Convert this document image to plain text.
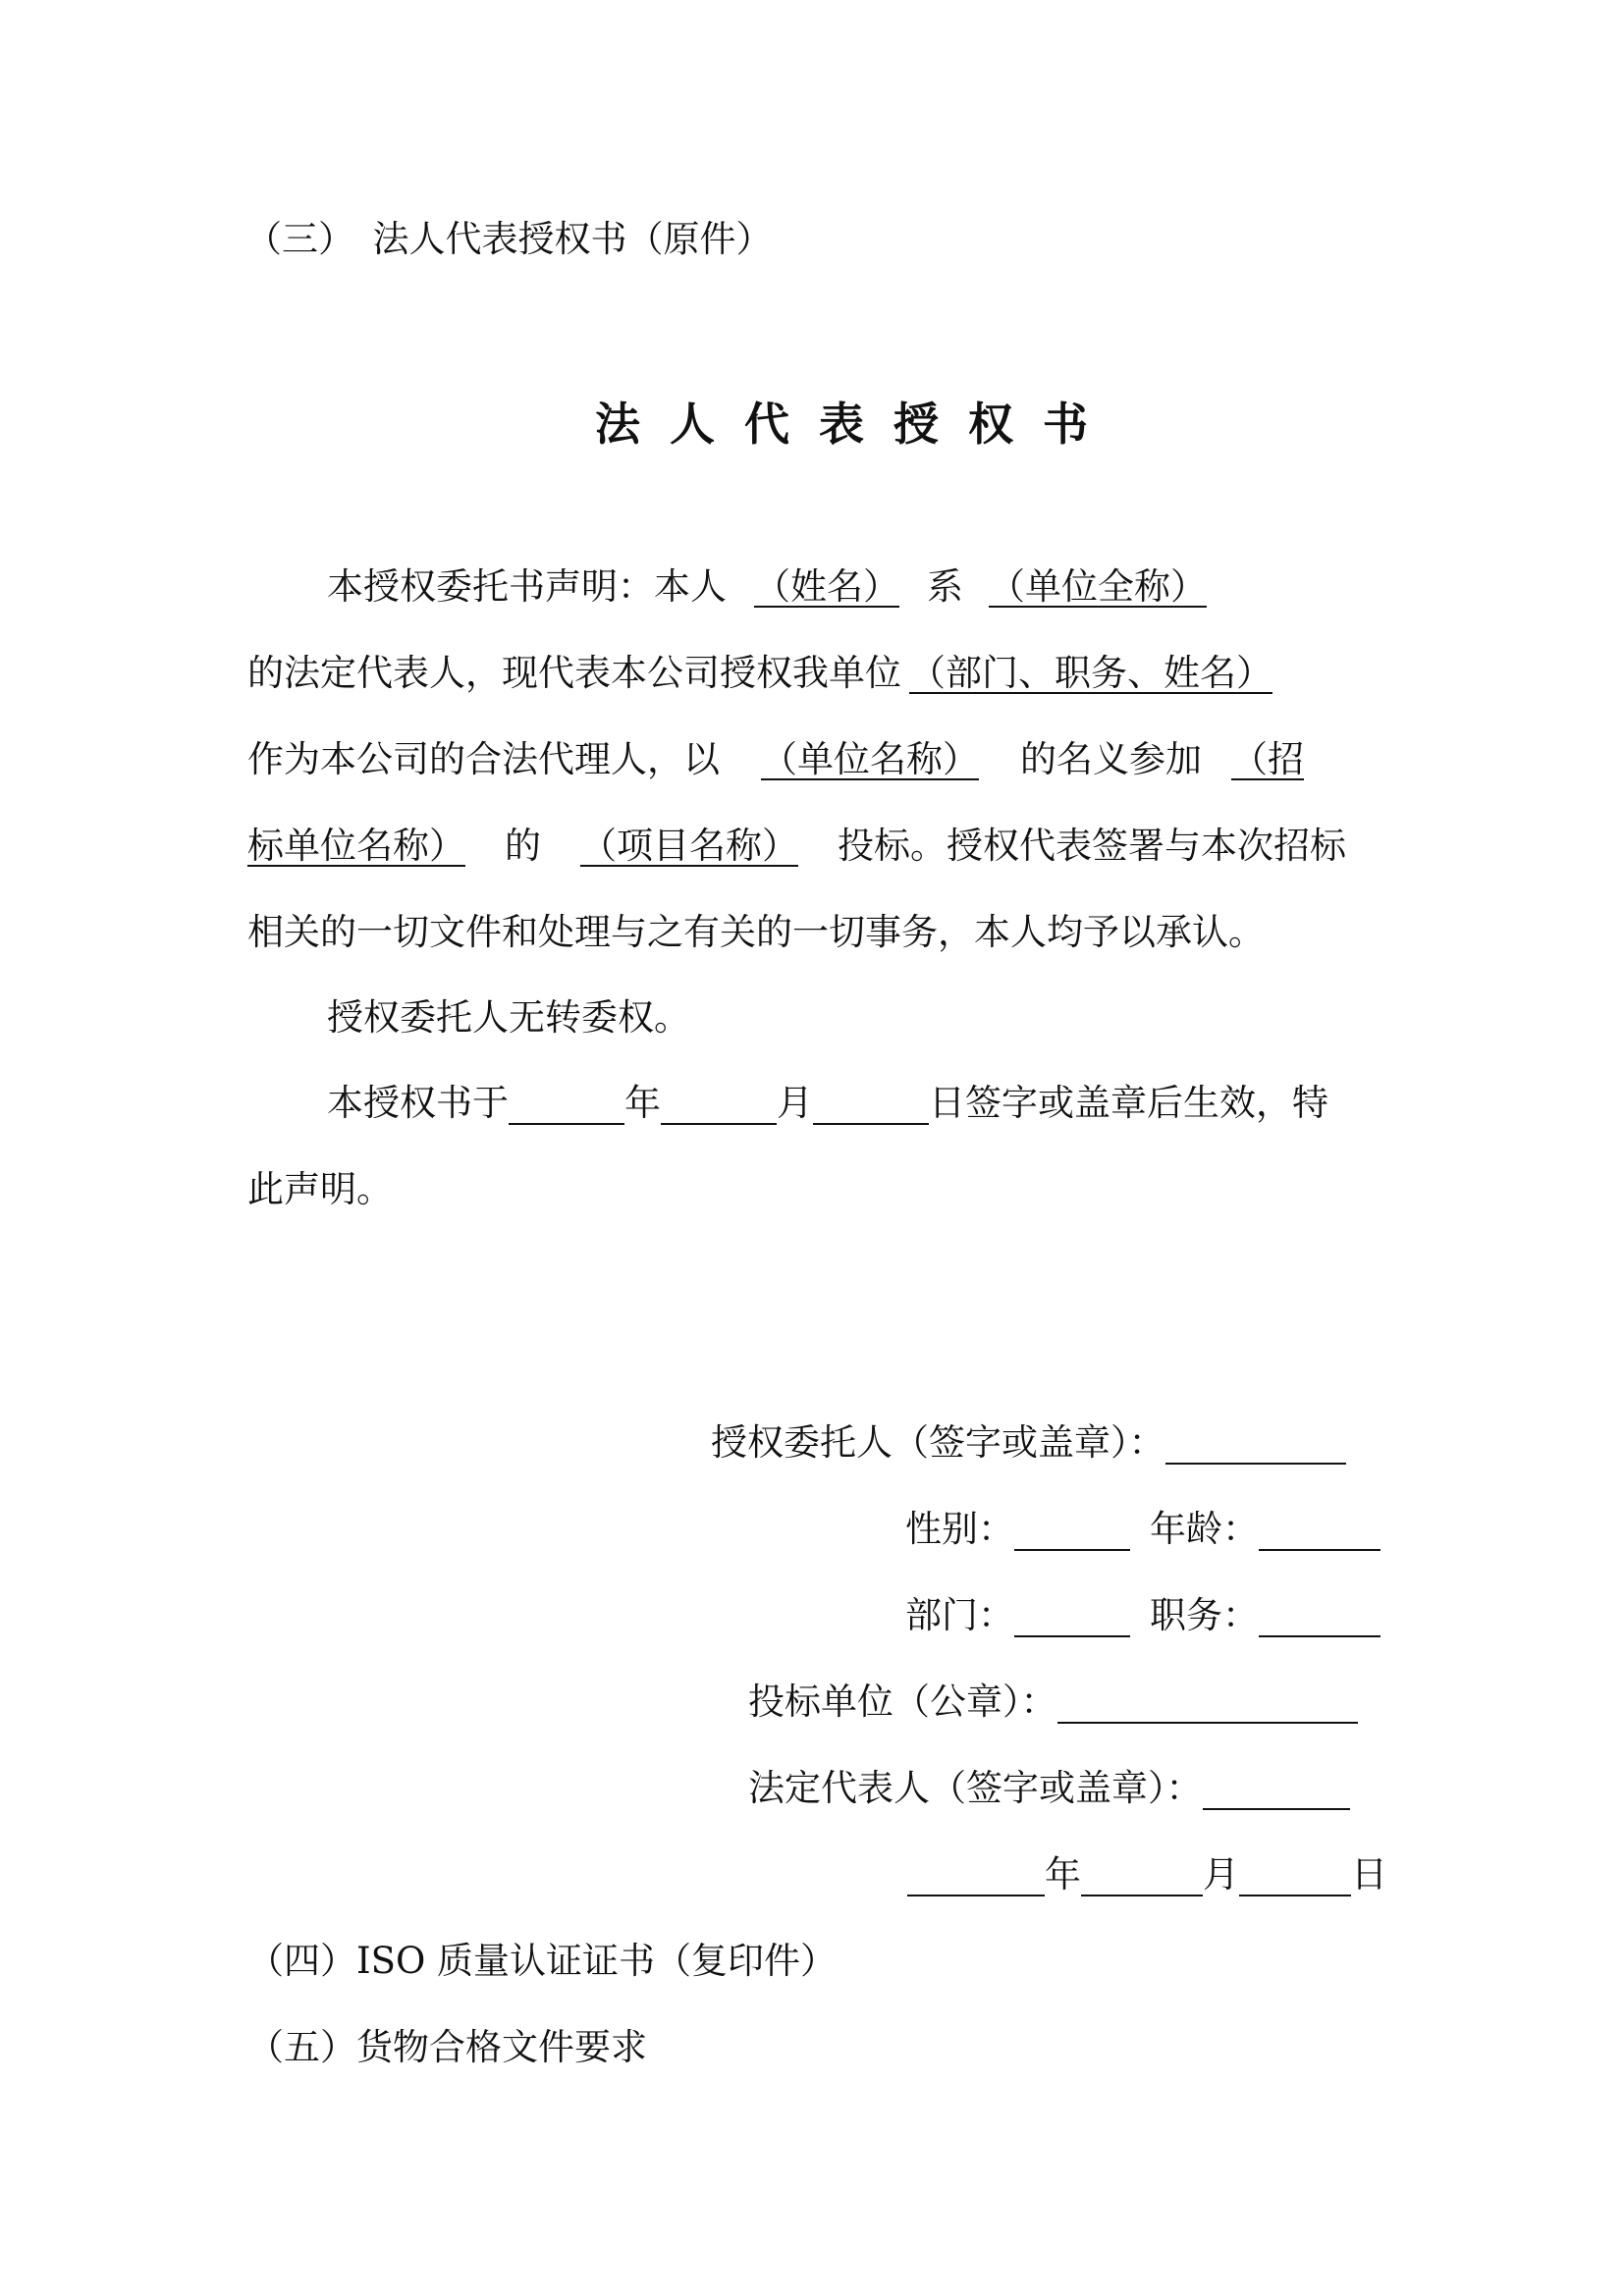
（三）　法人代表授权书（原件）
法人代表授权书
本授权委托书声明：本人 （姓名） 系 （单位全称）
的法定代表人，现代表本公司授权我单位 （部门、职务、姓名）
作为本公司的合法代理人，以 （单位名称） 的名义参加 （招
标单位名称） 的 （项目名称） 投标。授权代表签署与本次招标
相关的一切文件和处理与之有关的一切事务，本人均予以承认。
授权委托人无转委权。
本授权书于	年	月	日签字或盖章后生效，特
此声明。
授权委托人（签字或盖章）：
性别：	年龄：
部门：	职务：
投标单位（公章）：
法定代表人（签字或盖章）：
年	月	日
（四）ISO 质量认证证书（复印件）
（五）货物合格文件要求
